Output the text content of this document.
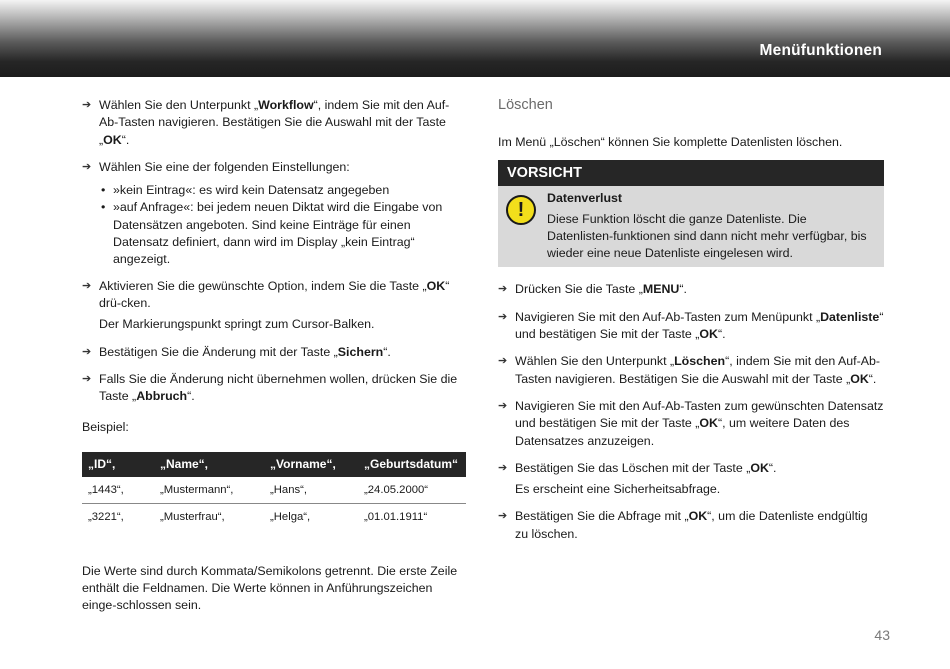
Menüfunktionen
➔ Wählen Sie den Unterpunkt „Workflow“, indem Sie mit den Auf-Ab-Tasten navigieren. Bestätigen Sie die Auswahl mit der Taste „OK“.
➔ Wählen Sie eine der folgenden Einstellungen:
• »kein Eintrag«: es wird kein Datensatz angegeben
• »auf Anfrage«: bei jedem neuen Diktat wird die Eingabe von Datensätzen angeboten. Sind keine Einträge für einen Datensatz definiert, dann wird im Display „kein Eintrag“ angezeigt.
➔ Aktivieren Sie die gewünschte Option, indem Sie die Taste „OK“ drü-cken.
Der Markierungspunkt springt zum Cursor-Balken.
➔ Bestätigen Sie die Änderung mit der Taste „Sichern“.
➔ Falls Sie die Änderung nicht übernehmen wollen, drücken Sie die Taste „Abbruch“.
Beispiel:
„ID“,	„Name“,	„Vorname“,	„Geburtsdatum“
„1443“,	„Mustermann“,	„Hans“,	„24.05.2000“
„3221“,	„Musterfrau“,	„Helga“,	„01.01.1911“
Die Werte sind durch Kommata/Semikolons getrennt. Die erste Zeile enthält die Feldnamen. Die Werte können in Anführungszeichen einge-schlossen sein.
Löschen
Im Menü „Löschen“ können Sie komplette Datenlisten löschen.
VORSICHT
!
Datenverlust
Diese Funktion löscht die ganze Datenliste. Die Datenlisten-funktionen sind dann nicht mehr verfügbar, bis wieder eine neue Datenliste eingelesen wird.
➔ Drücken Sie die Taste „MENU“.
➔ Navigieren Sie mit den Auf-Ab-Tasten zum Menüpunkt „Datenliste“ und bestätigen Sie mit der Taste „OK“.
➔ Wählen Sie den Unterpunkt „Löschen“, indem Sie mit den Auf-Ab-Tasten navigieren. Bestätigen Sie die Auswahl mit der Taste „OK“.
➔ Navigieren Sie mit den Auf-Ab-Tasten zum gewünschten Datensatz und bestätigen Sie mit der Taste „OK“, um weitere Daten des Datensatzes anzuzeigen.
➔ Bestätigen Sie das Löschen mit der Taste „OK“.
Es erscheint eine Sicherheitsabfrage.
➔ Bestätigen Sie die Abfrage mit „OK“, um die Datenliste endgültig zu löschen.
43
